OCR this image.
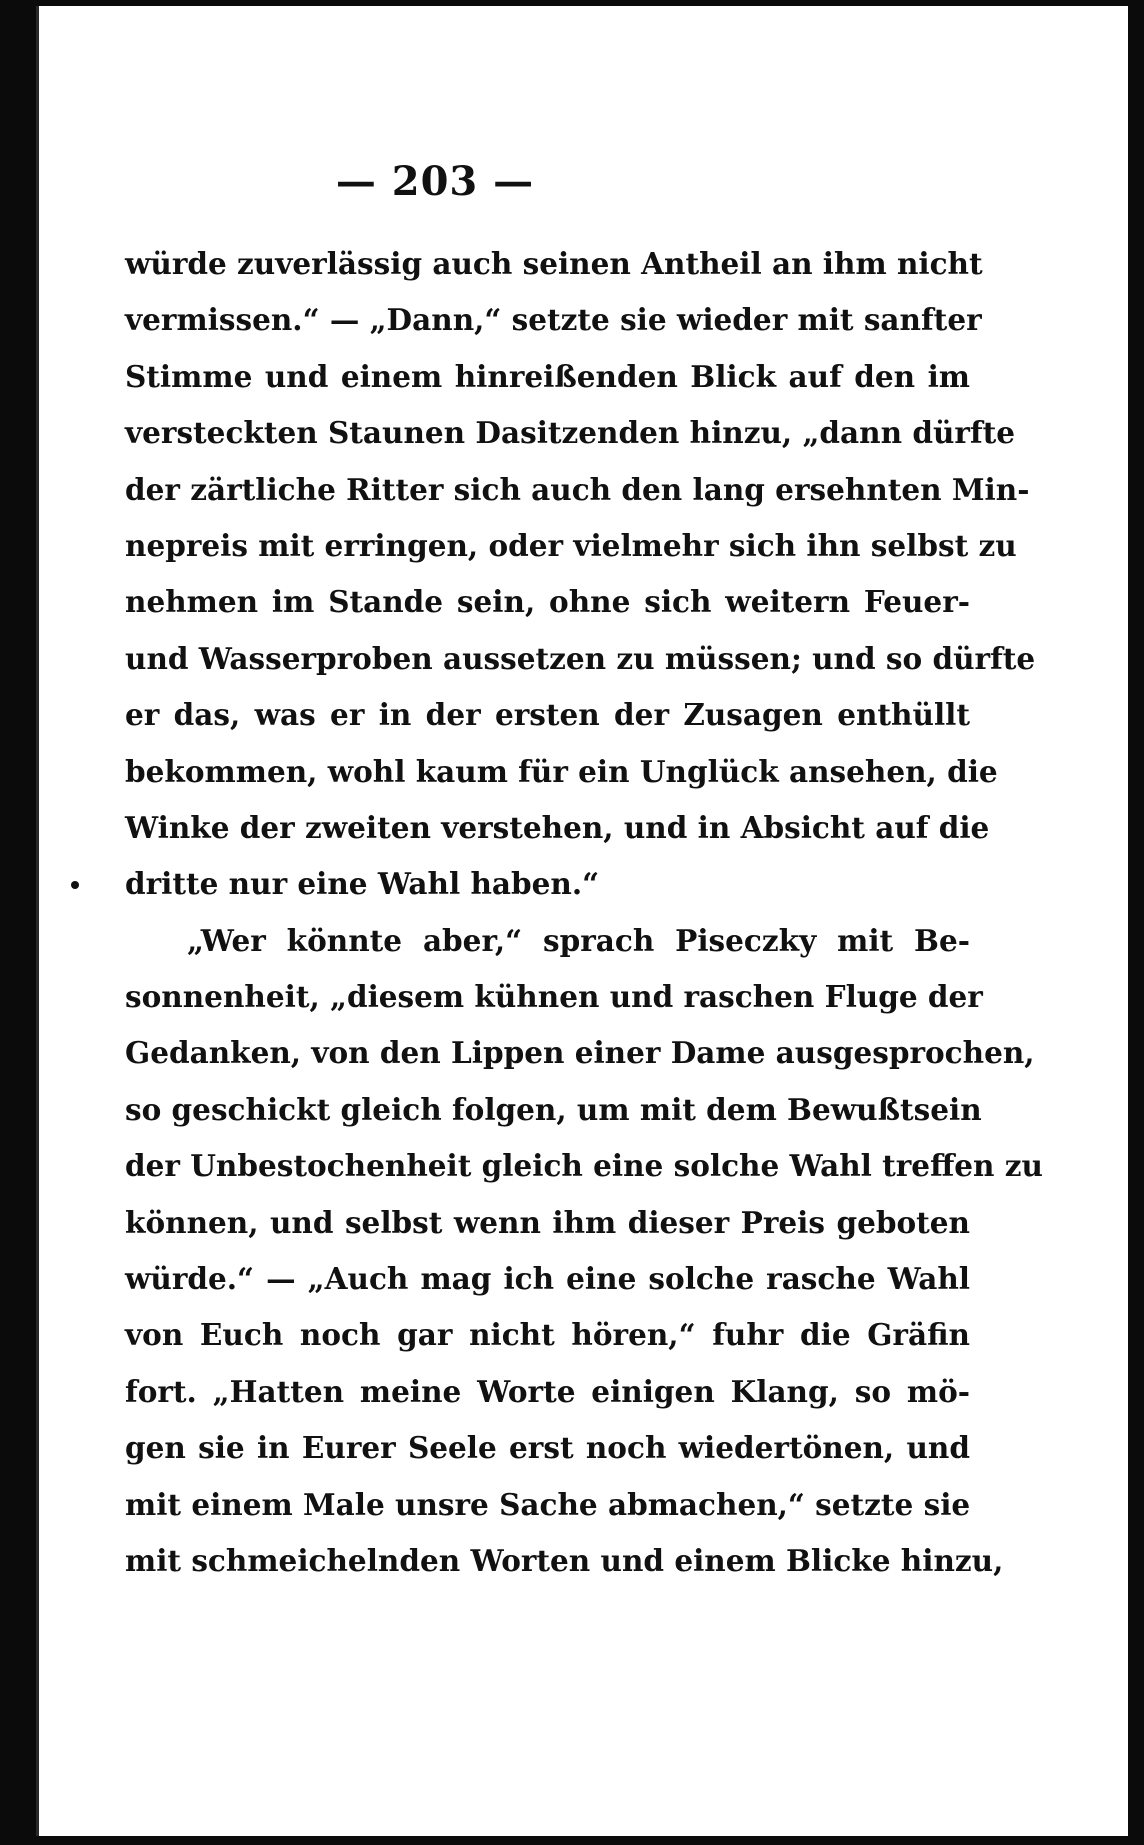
— 203 —
würde zuverlässig auch seinen Antheil an ihm nicht
vermissen.“ — „Dann,“ setzte sie wieder mit sanfter
Stimme und einem hinreißenden Blick auf den im
versteckten Staunen Dasitzenden hinzu, „dann dürfte
der zärtliche Ritter sich auch den lang ersehnten Min-
nepreis mit erringen, oder vielmehr sich ihn selbst zu
nehmen im Stande sein, ohne sich weitern Feuer-
und Wasserproben aussetzen zu müssen; und so dürfte
er das, was er in der ersten der Zusagen enthüllt
bekommen, wohl kaum für ein Unglück ansehen, die
Winke der zweiten verstehen, und in Absicht auf die
dritte nur eine Wahl haben.“
„Wer könnte aber,“ sprach Piseczky mit Be-
sonnenheit, „diesem kühnen und raschen Fluge der
Gedanken, von den Lippen einer Dame ausgesprochen,
so geschickt gleich folgen, um mit dem Bewußtsein
der Unbestochenheit gleich eine solche Wahl treffen zu
können, und selbst wenn ihm dieser Preis geboten
würde.“ — „Auch mag ich eine solche rasche Wahl
von Euch noch gar nicht hören,“ fuhr die Gräfin
fort. „Hatten meine Worte einigen Klang, so mö-
gen sie in Eurer Seele erst noch wiedertönen, und
mit einem Male unsre Sache abmachen,“ setzte sie
mit schmeichelnden Worten und einem Blicke hinzu,
